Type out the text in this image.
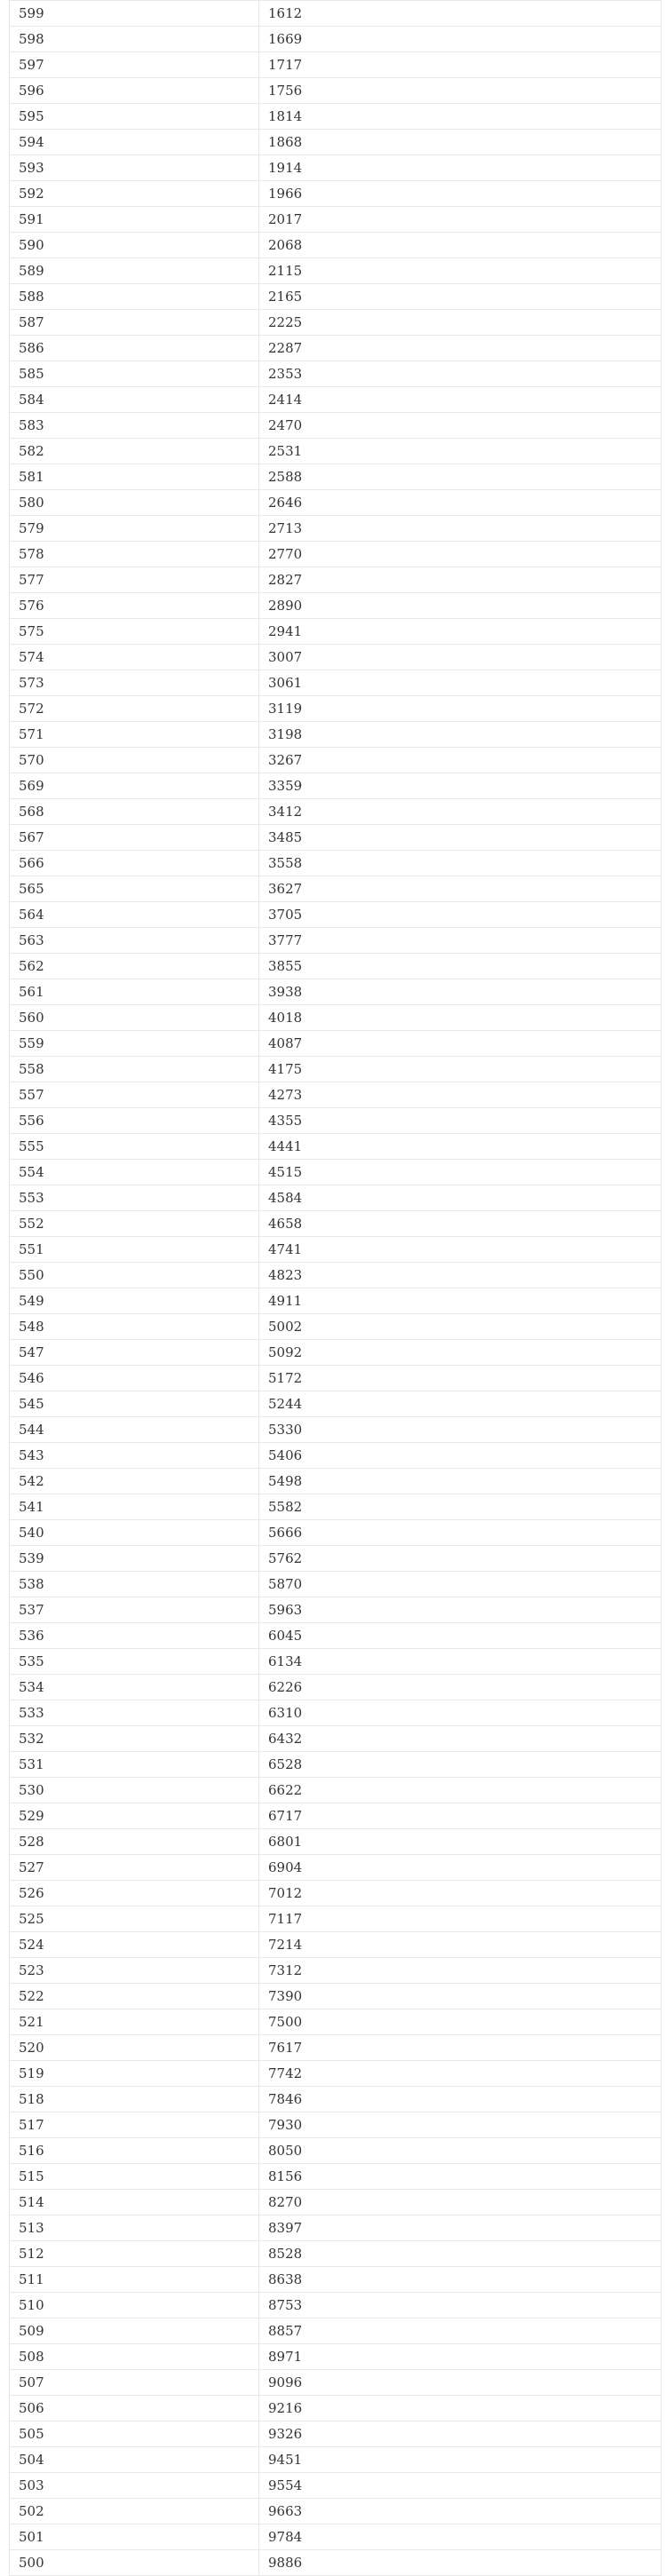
599	1612
598	1669
597	1717
596	1756
595	1814
594	1868
593	1914
592	1966
591	2017
590	2068
589	2115
588	2165
587	2225
586	2287
585	2353
584	2414
583	2470
582	2531
581	2588
580	2646
579	2713
578	2770
577	2827
576	2890
575	2941
574	3007
573	3061
572	3119
571	3198
570	3267
569	3359
568	3412
567	3485
566	3558
565	3627
564	3705
563	3777
562	3855
561	3938
560	4018
559	4087
558	4175
557	4273
556	4355
555	4441
554	4515
553	4584
552	4658
551	4741
550	4823
549	4911
548	5002
547	5092
546	5172
545	5244
544	5330
543	5406
542	5498
541	5582
540	5666
539	5762
538	5870
537	5963
536	6045
535	6134
534	6226
533	6310
532	6432
531	6528
530	6622
529	6717
528	6801
527	6904
526	7012
525	7117
524	7214
523	7312
522	7390
521	7500
520	7617
519	7742
518	7846
517	7930
516	8050
515	8156
514	8270
513	8397
512	8528
511	8638
510	8753
509	8857
508	8971
507	9096
506	9216
505	9326
504	9451
503	9554
502	9663
501	9784
500	9886
